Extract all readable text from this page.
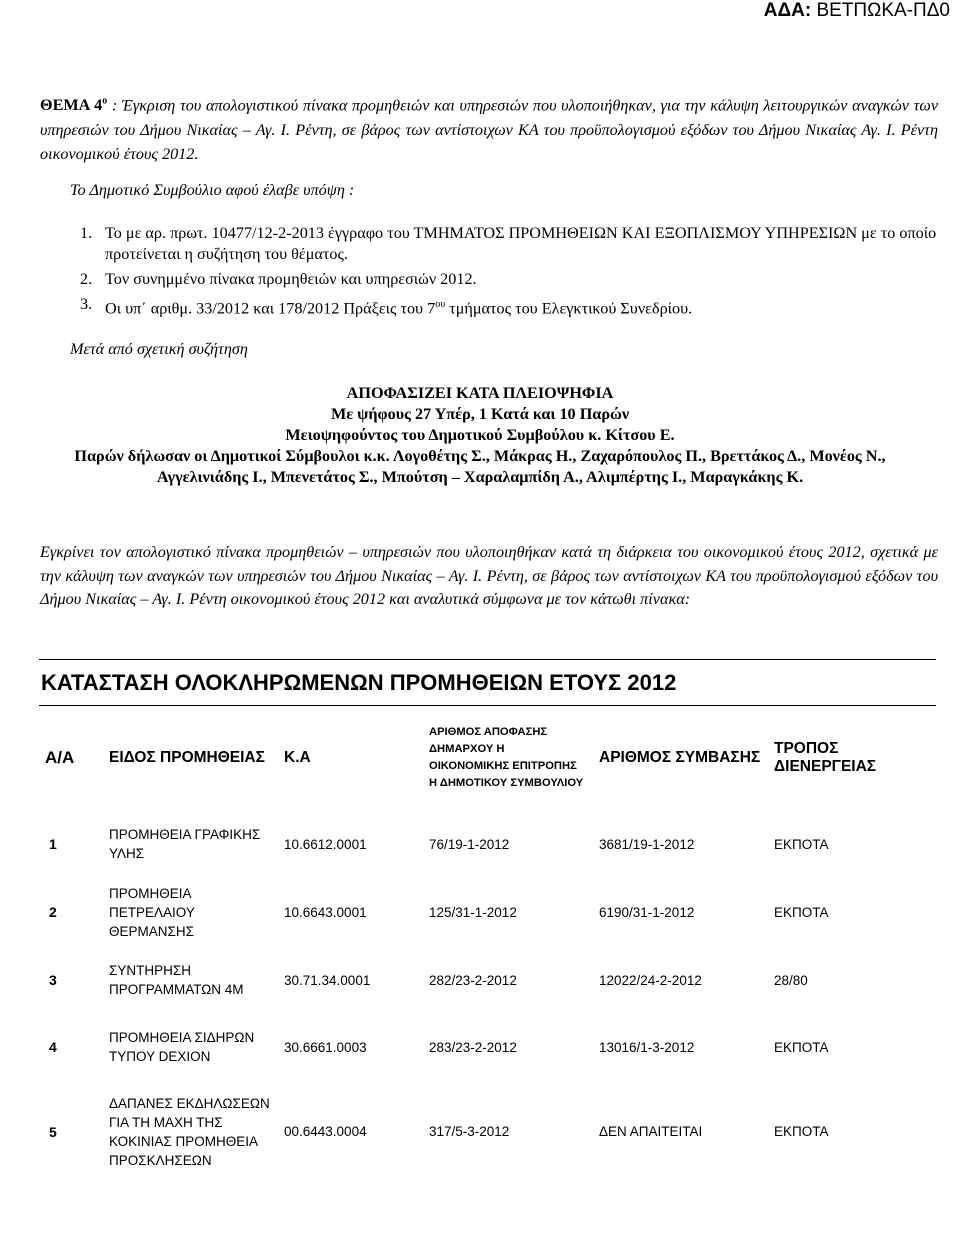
ΑΔΑ: ΒΕΤΠΩΚΑ-ΠΔ0
ΘΕΜΑ $4^o$ : Έγκριση του απολογιστικού πίνακα προμηθειών και υπηρεσιών που υλοποιήθηκαν, για την κάλυψη λειτουργικών αναγκών των υπηρεσιών του Δήμου Νικαίας – Αγ. Ι. Ρέντη, σε βάρος των αντίστοιχων ΚΑ του προϋπολογισμού εξόδων του Δήμου Νικαίας Αγ. Ι. Ρέντη οικονομικού έτους 2012.
Το Δημοτικό Συμβούλιο αφού έλαβε υπόψη :
1. Το με αρ. πρωτ. 10477/12-2-2013 έγγραφο του ΤΜΗΜΑΤΟΣ ΠΡΟΜΗΘΕΙΩΝ ΚΑΙ ΕΞΟΠΛΙΣΜΟΥ ΥΠΗΡΕΣΙΩΝ με το οποίο προτείνεται η συζήτηση του θέματος.
2. Τον συνημμένο πίνακα προμηθειών και υπηρεσιών 2012.
3. Οι υπ΄ αριθμ. 33/2012 και 178/2012 Πράξεις του $7^{o\upsilon}$ τμήματος του Ελεγκτικού Συνεδρίου.
Μετά από σχετική συζήτηση
ΑΠΟΦΑΣΙΖΕΙ ΚΑΤΑ ΠΛΕΙΟΨΗΦΙΑ
Με ψήφους 27 Υπέρ, 1 Κατά και 10 Παρών
Μειοψηφούντος του Δημοτικού Συμβούλου κ. Κίτσου Ε.
Παρών δήλωσαν οι Δημοτικοί Σύμβουλοι κ.κ. Λογοθέτης Σ., Μάκρας Η., Ζαχαρόπουλος Π., Βρεττάκος Δ., Μονέος Ν., Αγγελινιάδης Ι., Μπενετάτος Σ., Μπούτση – Χαραλαμπίδη Α., Αλιμπέρτης Ι., Μαραγκάκης Κ.
Εγκρίνει τον απολογιστικό πίνακα προμηθειών – υπηρεσιών που υλοποιηθήκαν κατά τη διάρκεια του οικονομικού έτους 2012, σχετικά με την κάλυψη των αναγκών των υπηρεσιών του Δήμου Νικαίας – Αγ. Ι. Ρέντη, σε βάρος των αντίστοιχων ΚΑ του προϋπολογισμού εξόδων του Δήμου Νικαίας – Αγ. Ι. Ρέντη οικονομικού έτους 2012 και αναλυτικά σύμφωνα με τον κάτωθι πίνακα:
ΚΑΤΑΣΤΑΣΗ ΟΛΟΚΛΗΡΩΜΕΝΩΝ ΠΡΟΜΗΘΕΙΩΝ ΕΤΟΥΣ 2012					
Α/Α	ΕΙΔΟΣ ΠΡΟΜΗΘΕΙΑΣ	Κ.Α	ΑΡΙΘΜΟΣ ΑΠΟΦΑΣΗΣ ΔΗΜΑΡΧΟΥ Η ΟΙΚΟΝΟΜΙΚΗΣ ΕΠΙΤΡΟΠΗΣ Η ΔΗΜΟΤΙΚΟΥ ΣΥΜΒΟΥΛΙΟΥ	ΑΡΙΘΜΟΣ ΣΥΜΒΑΣΗΣ	ΤΡΟΠΟΣ ΔΙΕΝΕΡΓΕΙΑΣ
1	ΠΡΟΜΗΘΕΙΑ ΓΡΑΦΙΚΗΣ ΥΛΗΣ	10.6612.0001	76/19-1-2012	3681/19-1-2012	ΕΚΠΟΤΑ
2	ΠΡΟΜΗΘΕΙΑ ΠΕΤΡΕΛΑΙΟΥ ΘΕΡΜΑΝΣΗΣ	10.6643.0001	125/31-1-2012	6190/31-1-2012	ΕΚΠΟΤΑ
3	ΣΥΝΤΗΡΗΣΗ ΠΡΟΓΡΑΜΜΑΤΩΝ 4Μ	30.71.34.0001	282/23-2-2012	12022/24-2-2012	28/80
4	ΠΡΟΜΗΘΕΙΑ ΣΙΔΗΡΩΝ ΤΥΠΟΥ DEXION	30.6661.0003	283/23-2-2012	13016/1-3-2012	ΕΚΠΟΤΑ
5	ΔΑΠΑΝΕΣ ΕΚΔΗΛΩΣΕΩΝ ΓΙΑ ΤΗ ΜΑΧΗ ΤΗΣ ΚΟΚΙΝΙΑΣ ΠΡΟΜΗΘΕΙΑ ΠΡΟΣΚΛΗΣΕΩΝ	00.6443.0004	317/5-3-2012	ΔΕΝ ΑΠΑΙΤΕΙΤΑΙ	ΕΚΠΟΤΑ
